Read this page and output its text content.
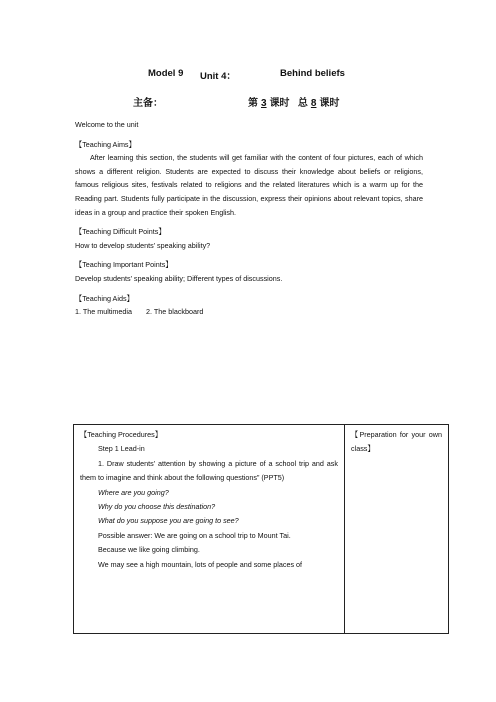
Model 9 Unit 4：	Behind beliefs
主备：	第 3 课时 总 8 课时

Welcome to the unit

【Teaching Aims】

After learning this section, the students will get familiar with the content of four pictures, each of which shows a different religion. Students are expected to discuss their knowledge about beliefs or religions, famous religious sites, festivals related to religions and the related literatures which is a warm up for the Reading part. Students fully participate in the discussion, express their opinions about relevant topics, share ideas in a group and practice their spoken English.

【Teaching Difficult Points】

How to develop students’ speaking ability?

【Teaching Important Points】

Develop students’ speaking ability; Different types of discussions.

【Teaching Aids】

1. The multimedia 2. The blackboard

【Teaching Procedures】

Step 1 Lead-in

1. Draw students’ attention by showing a picture of a school trip and ask them to imagine and think about the following questions” (PPT5)

Where are you going?

Why do you choose this destination?

What do you suppose you are going to see?

Possible answer: We are going on a school trip to Mount Tai.

Because we like going climbing.

We may see a high mountain, lots of people and some places of

【Preparation for your own class】
